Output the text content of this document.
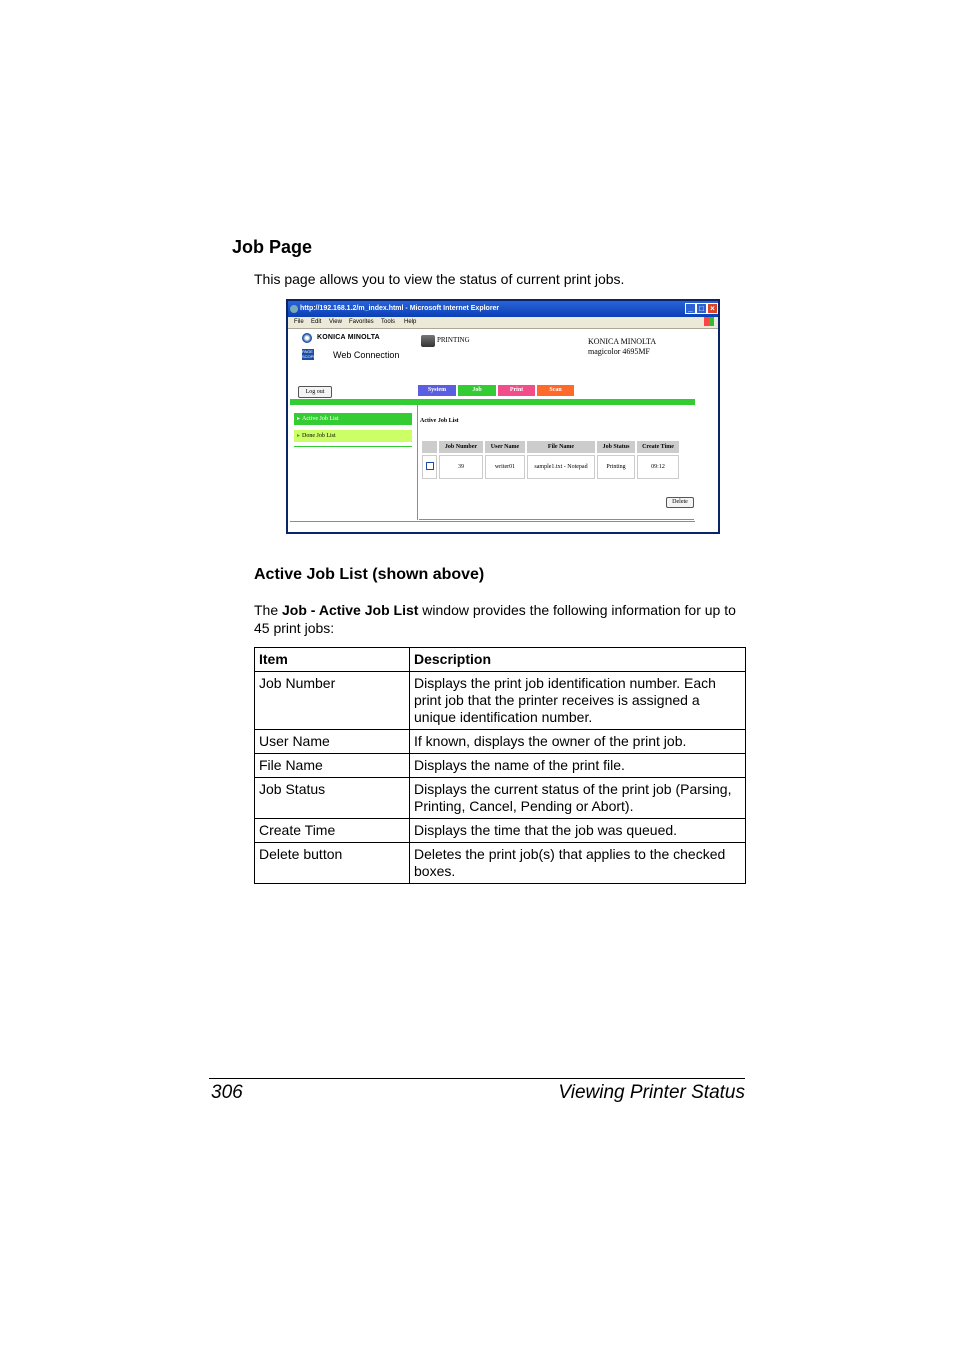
Job Page
This page allows you to view the status of current print jobs.
http://192.168.1.2/m_index.html - Microsoft Internet Explorer	_ □ ×
File Edit View Favorites Tools Help
KONICA MINOLTA
PAGE SCOPE Web Connection
PRINTING	KONICA MINOLTA
magicolor 4695MF
Log out	System	Job	Print	Scan
▸ Active Job List
▸ Done Job List
Active Job List
	Job Number	User Name	File Name	Job Status	Create Time
	39	writer01	sample1.txt - Notepad	Printing	09:12
Delete
Active Job List (shown above)
The Job - Active Job List window provides the following information for up to 45 print jobs:
Item	Description
Job Number	Displays the print job identification number. Each print job that the printer receives is assigned a unique identification number.
User Name	If known, displays the owner of the print job.
File Name	Displays the name of the print file.
Job Status	Displays the current status of the print job (Parsing, Printing, Cancel, Pending or Abort).
Create Time	Displays the time that the job was queued.
Delete button	Deletes the print job(s) that applies to the checked boxes.
306	Viewing Printer Status
